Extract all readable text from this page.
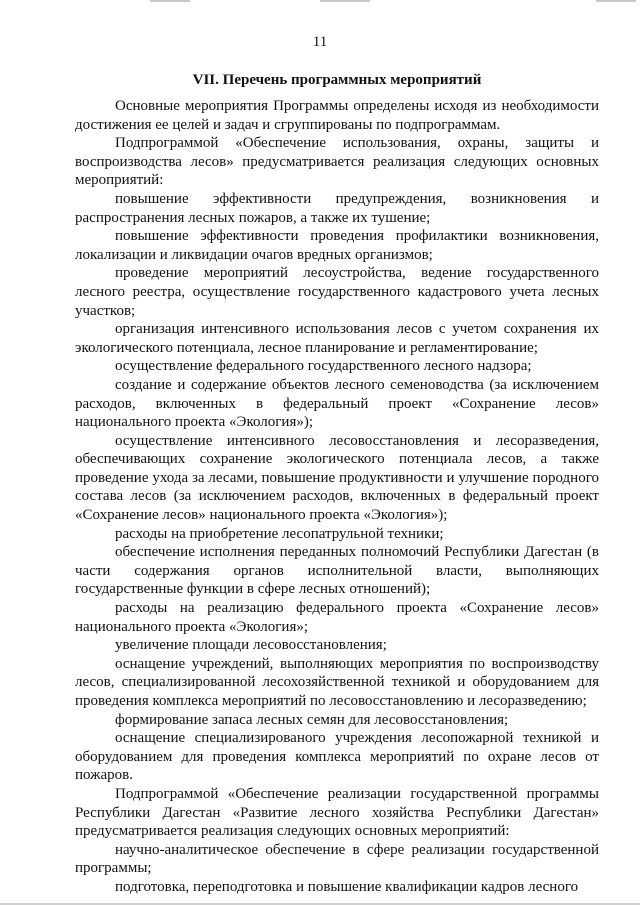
11
VII. Перечень программных мероприятий

Основные мероприятия Программы определены исходя из необходимости достижения ее целей и задач и сгруппированы по подпрограммам.

Подпрограммой «Обеспечение использования, охраны, защиты и воспроизводства лесов» предусматривается реализация следующих основных мероприятий:

повышение эффективности предупреждения, возникновения и распространения лесных пожаров, а также их тушение;

повышение эффективности проведения профилактики возникновения, локализации и ликвидации очагов вредных организмов;

проведение мероприятий лесоустройства, ведение государственного лесного реестра, осуществление государственного кадастрового учета лесных участков;

организация интенсивного использования лесов с учетом сохранения их экологического потенциала, лесное планирование и регламентирование;

осуществление федерального государственного лесного надзора;

создание и содержание объектов лесного семеноводства (за исключением расходов, включенных в федеральный проект «Сохранение лесов» национального проекта «Экология»);

осуществление интенсивного лесовосстановления и лесоразведения, обеспечивающих сохранение экологического потенциала лесов, а также проведение ухода за лесами, повышение продуктивности и улучшение породного состава лесов (за исключением расходов, включенных в федеральный проект «Сохранение лесов» национального проекта «Экология»);

расходы на приобретение лесопатрульной техники;

обеспечение исполнения переданных полномочий Республики Дагестан (в части содержания органов исполнительной власти, выполняющих государственные функции в сфере лесных отношений);

расходы на реализацию федерального проекта «Сохранение лесов» национального проекта «Экология»;

увеличение площади лесовосстановления;

оснащение учреждений, выполняющих мероприятия по воспроизводству лесов, специализированной лесохозяйственной техникой и оборудованием для проведения комплекса мероприятий по лесовосстановлению и лесоразведению;

формирование запаса лесных семян для лесовосстановления;

оснащение специализированого учреждения лесопожарной техникой и оборудованием для проведения комплекса мероприятий по охране лесов от пожаров.

Подпрограммой «Обеспечение реализации государственной программы Республики Дагестан «Развитие лесного хозяйства Республики Дагестан» предусматривается реализация следующих основных мероприятий:

научно-аналитическое обеспечение в сфере реализации государственной программы;

подготовка, переподготовка и повышение квалификации кадров лесного
